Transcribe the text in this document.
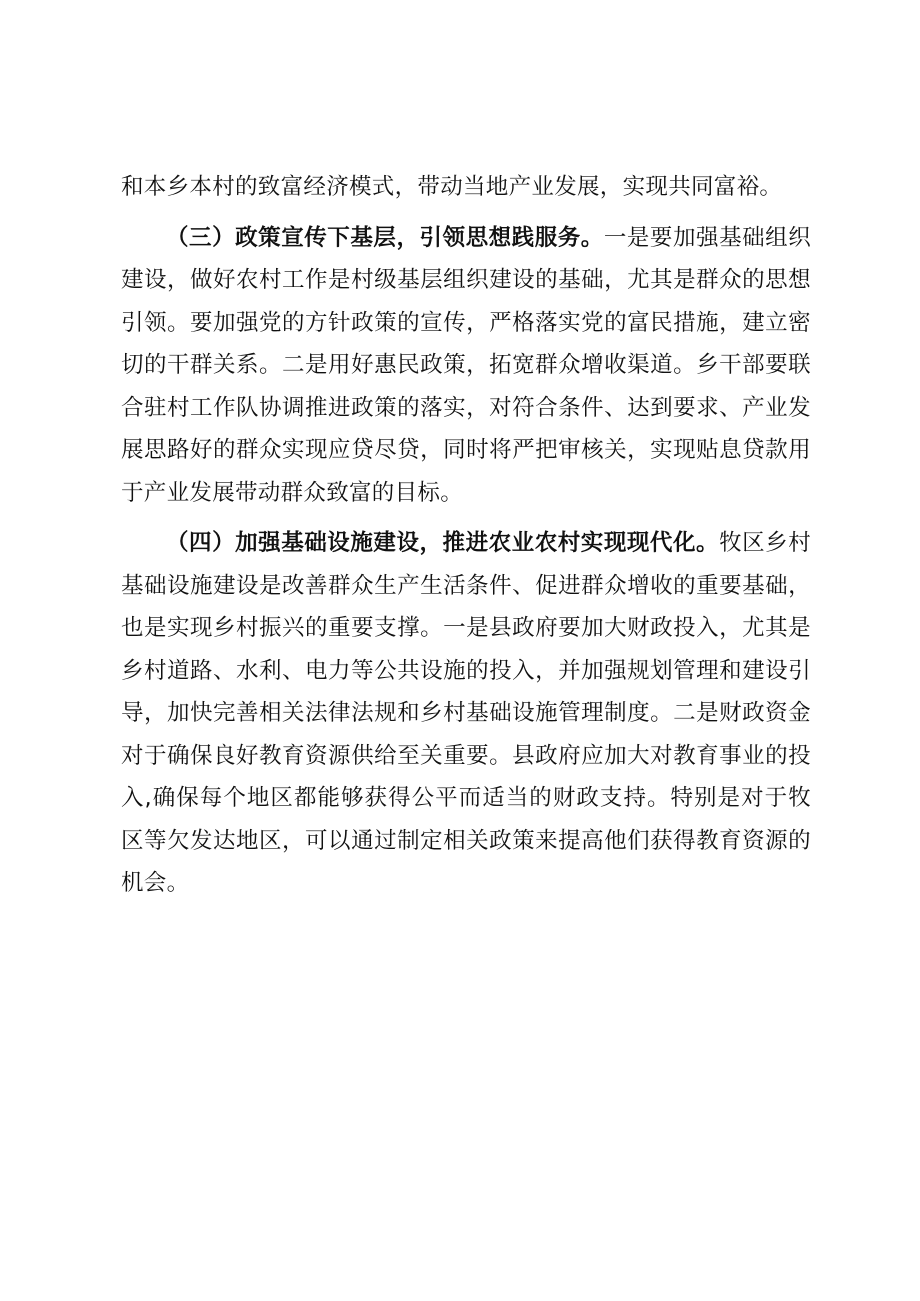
和本乡本村的致富经济模式，带动当地产业发展，实现共同富裕。

（三）政策宣传下基层，引领思想践服务。一是要加强基础组织建设，做好农村工作是村级基层组织建设的基础，尤其是群众的思想引领。要加强党的方针政策的宣传，严格落实党的富民措施，建立密切的干群关系。二是用好惠民政策，拓宽群众增收渠道。乡干部要联合驻村工作队协调推进政策的落实，对符合条件、达到要求、产业发展思路好的群众实现应贷尽贷，同时将严把审核关，实现贴息贷款用于产业发展带动群众致富的目标。

（四）加强基础设施建设，推进农业农村实现现代化。牧区乡村基础设施建设是改善群众生产生活条件、促进群众增收的重要基础，也是实现乡村振兴的重要支撑。一是县政府要加大财政投入，尤其是乡村道路、水利、电力等公共设施的投入，并加强规划管理和建设引导，加快完善相关法律法规和乡村基础设施管理制度。二是财政资金对于确保良好教育资源供给至关重要。县政府应加大对教育事业的投入,确保每个地区都能够获得公平而适当的财政支持。特别是对于牧区等欠发达地区，可以通过制定相关政策来提高他们获得教育资源的机会。
